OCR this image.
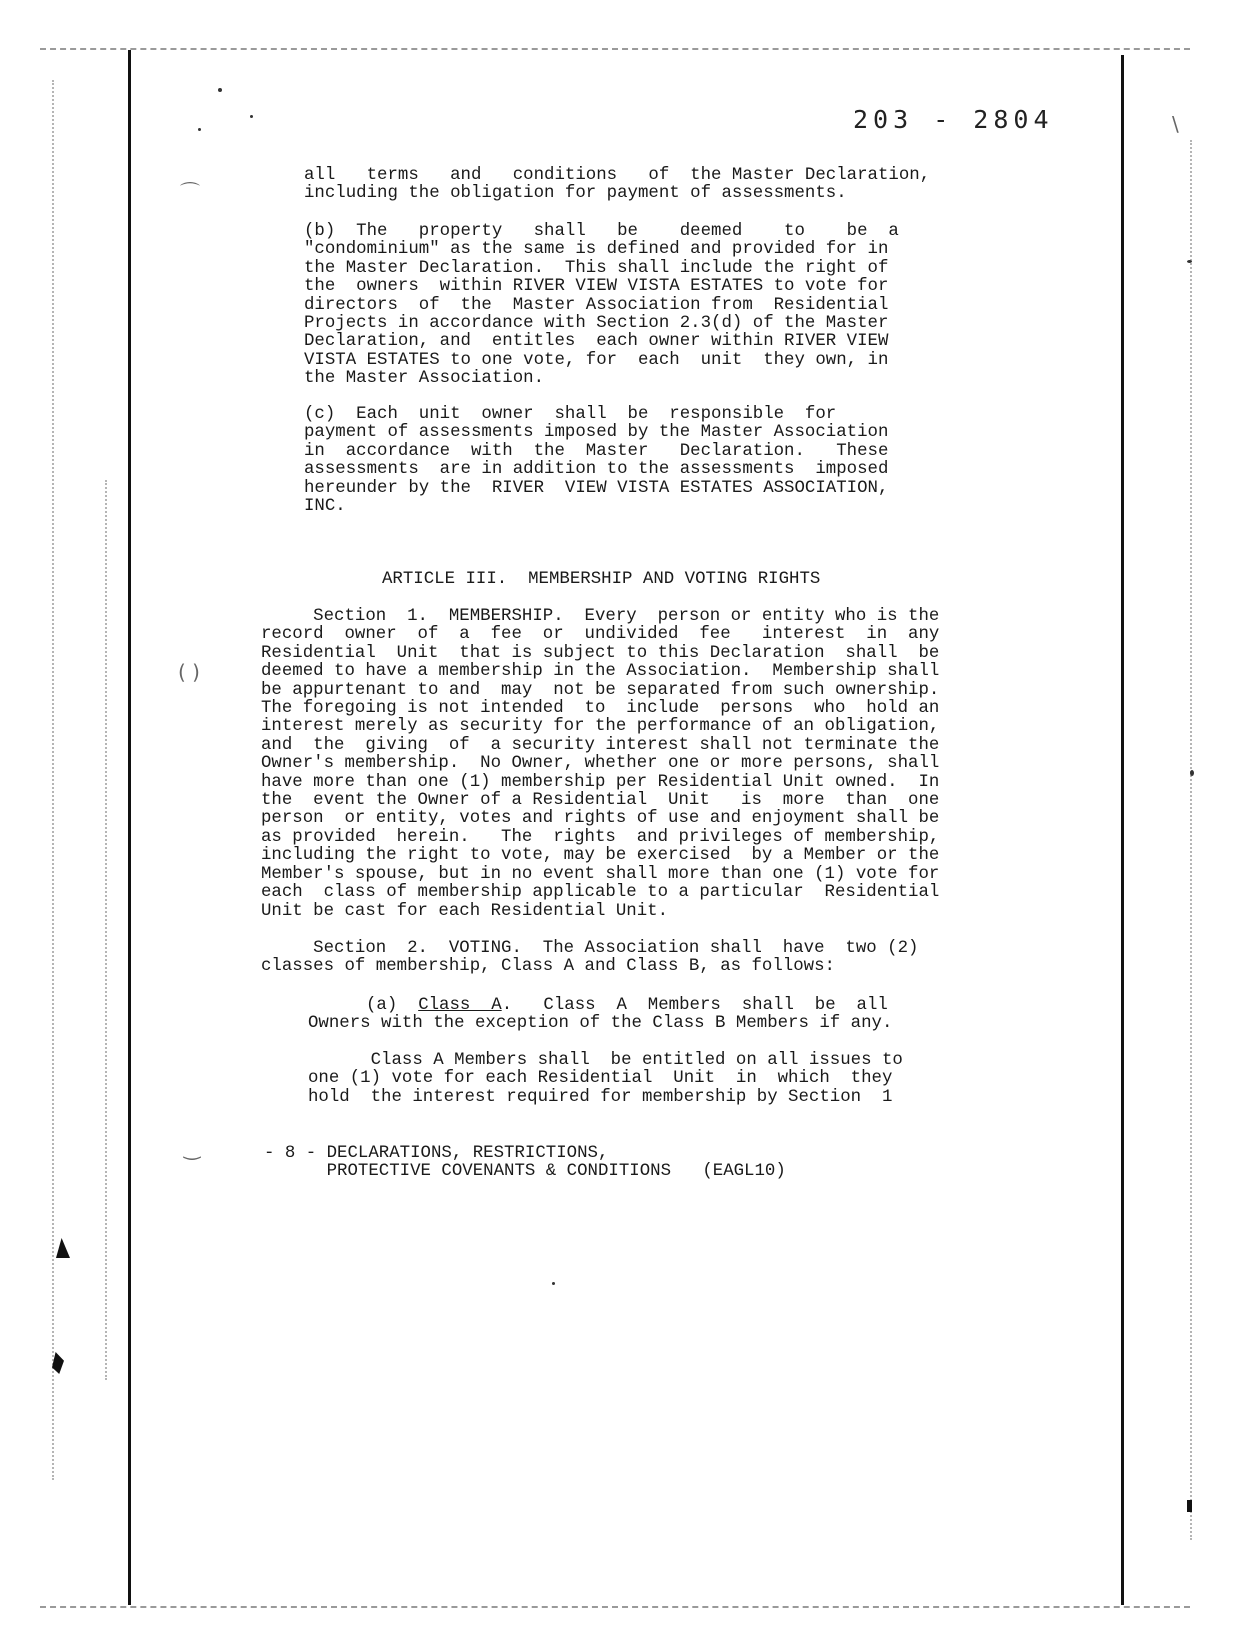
⌒
( )
‿
\
203 - 2804
all   terms   and   conditions   of  the Master Declaration,
including the obligation for payment of assessments.
(b)  The   property   shall   be    deemed    to    be  a
"condominium" as the same is defined and provided for in
the Master Declaration.  This shall include the right of
the  owners  within RIVER VIEW VISTA ESTATES to vote for
directors  of  the  Master Association from  Residential
Projects in accordance with Section 2.3(d) of the Master
Declaration, and  entitles  each owner within RIVER VIEW
VISTA ESTATES to one vote, for  each  unit  they own, in
the Master Association.
(c)  Each  unit  owner  shall  be  responsible  for
payment of assessments imposed by the Master Association
in  accordance  with  the  Master   Declaration.   These
assessments  are in addition to the assessments  imposed
hereunder by the  RIVER  VIEW VISTA ESTATES ASSOCIATION,
INC.
ARTICLE III.  MEMBERSHIP AND VOTING RIGHTS
Section  1.  MEMBERSHIP.  Every  person or entity who is the
record  owner  of  a  fee  or  undivided  fee   interest  in  any
Residential  Unit  that is subject to this Declaration  shall  be
deemed to have a membership in the Association.  Membership shall
be appurtenant to and  may  not be separated from such ownership.
The foregoing is not intended  to  include  persons  who  hold an
interest merely as security for the performance of an obligation,
and  the  giving  of  a security interest shall not terminate the
Owner's membership.  No Owner, whether one or more persons, shall
have more than one (1) membership per Residential Unit owned.  In
the  event the Owner of a Residential  Unit   is  more  than  one
person  or entity, votes and rights of use and enjoyment shall be
as provided  herein.   The  rights  and privileges of membership,
including the right to vote, may be exercised  by a Member or the
Member's spouse, but in no event shall more than one (1) vote for
each  class of membership applicable to a particular  Residential
Unit be cast for each Residential Unit.
Section  2.  VOTING.  The Association shall  have  two (2)
classes of membership, Class A and Class B, as follows:
(a)  Class  A.   Class  A  Members  shall  be  all
Owners with the exception of the Class B Members if any.
Class A Members shall  be entitled on all issues to
one (1) vote for each Residential  Unit  in  which  they
hold  the interest required for membership by Section  1
- 8 - DECLARATIONS, RESTRICTIONS,
PROTECTIVE COVENANTS & CONDITIONS   (EAGL10)
